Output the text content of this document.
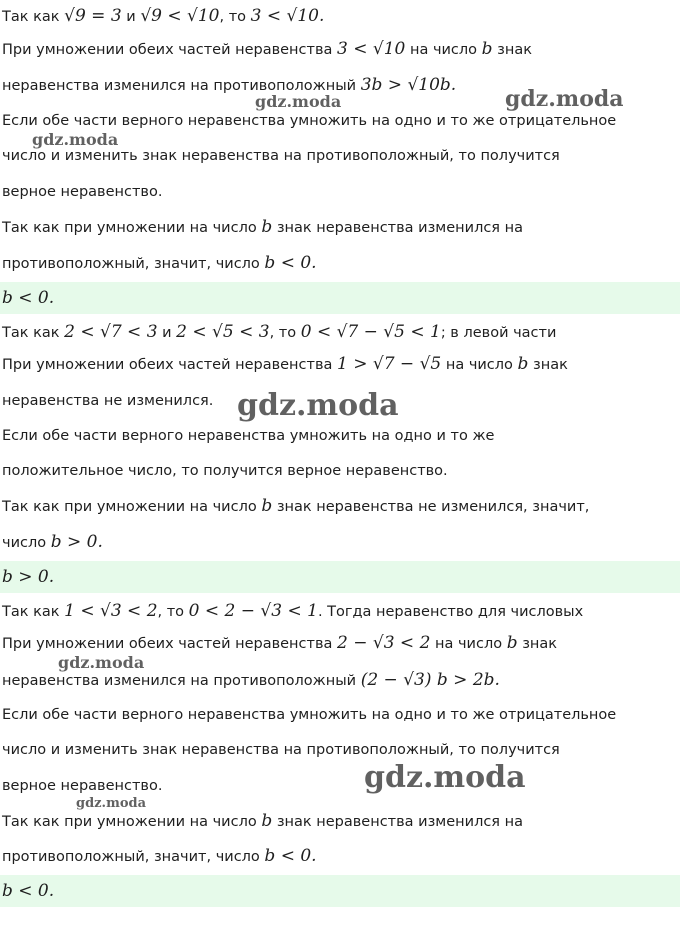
Так как √9 = 3 и √9 < √10, то 3 < √10.
При умножении обеих частей неравенства 3 < √10 на число b знак
неравенства изменился на противоположный 3b > √10b.
Если обе части верного неравенства умножить на одно и то же отрицательное
число и изменить знак неравенства на противоположный, то получится
верное неравенство.
Так как при умножении на число b знак неравенства изменился на
противоположный, значит, число b < 0.
b < 0.
Так как 2 < √7 < 3 и 2 < √5 < 3, то 0 < √7 − √5 < 1; в левой части
При умножении обеих частей неравенства 1 > √7 − √5 на число b знак
неравенства не изменился.
Если обе части верного неравенства умножить на одно и то же
положительное число, то получится верное неравенство.
Так как при умножении на число b знак неравенства не изменился, значит,
число b > 0.
b > 0.
Так как 1 < √3 < 2, то 0 < 2 − √3 < 1. Тогда неравенство для числовых
При умножении обеих частей неравенства 2 − √3 < 2 на число b знак
неравенства изменился на противоположный (2 − √3) b > 2b.
Если обе части верного неравенства умножить на одно и то же отрицательное
число и изменить знак неравенства на противоположный, то получится
верное неравенство.
Так как при умножении на число b знак неравенства изменился на
противоположный, значит, число b < 0.
b < 0.
gdz.moda	gdz.moda
gdz.moda
gdz.moda
gdz.moda
gdz.moda
gdz.moda
